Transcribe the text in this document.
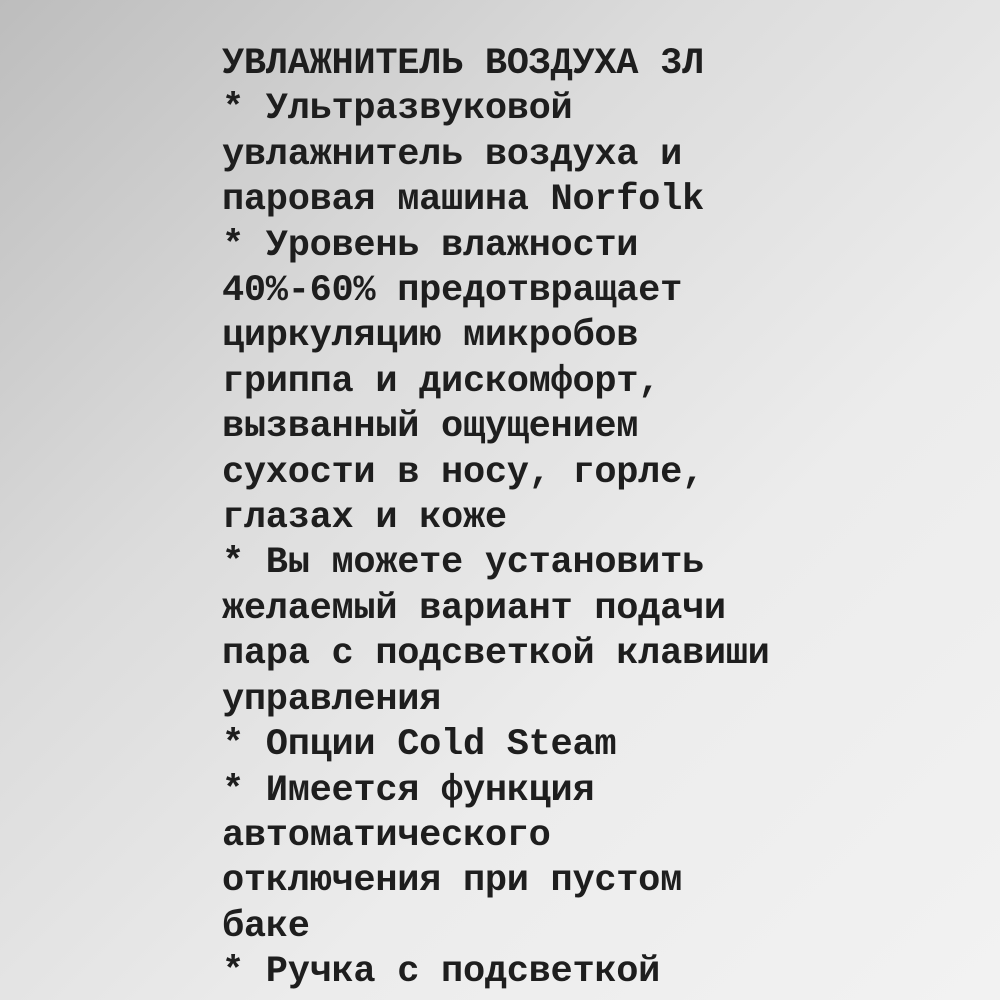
УВЛАЖНИТЕЛЬ ВОЗДУХА 3Л
* Ультразвуковой
увлажнитель воздуха и
паровая машина Norfolk
* Уровень влажности
40%-60% предотвращает
циркуляцию микробов
гриппа и дискомфорт,
вызванный ощущением
сухости в носу, горле,
глазах и коже
* Вы можете установить
желаемый вариант подачи
пара с подсветкой клавиши
управления
* Опции Cold Steam
* Имеется функция
автоматического
отключения при пустом
баке
* Ручка с подсветкой
